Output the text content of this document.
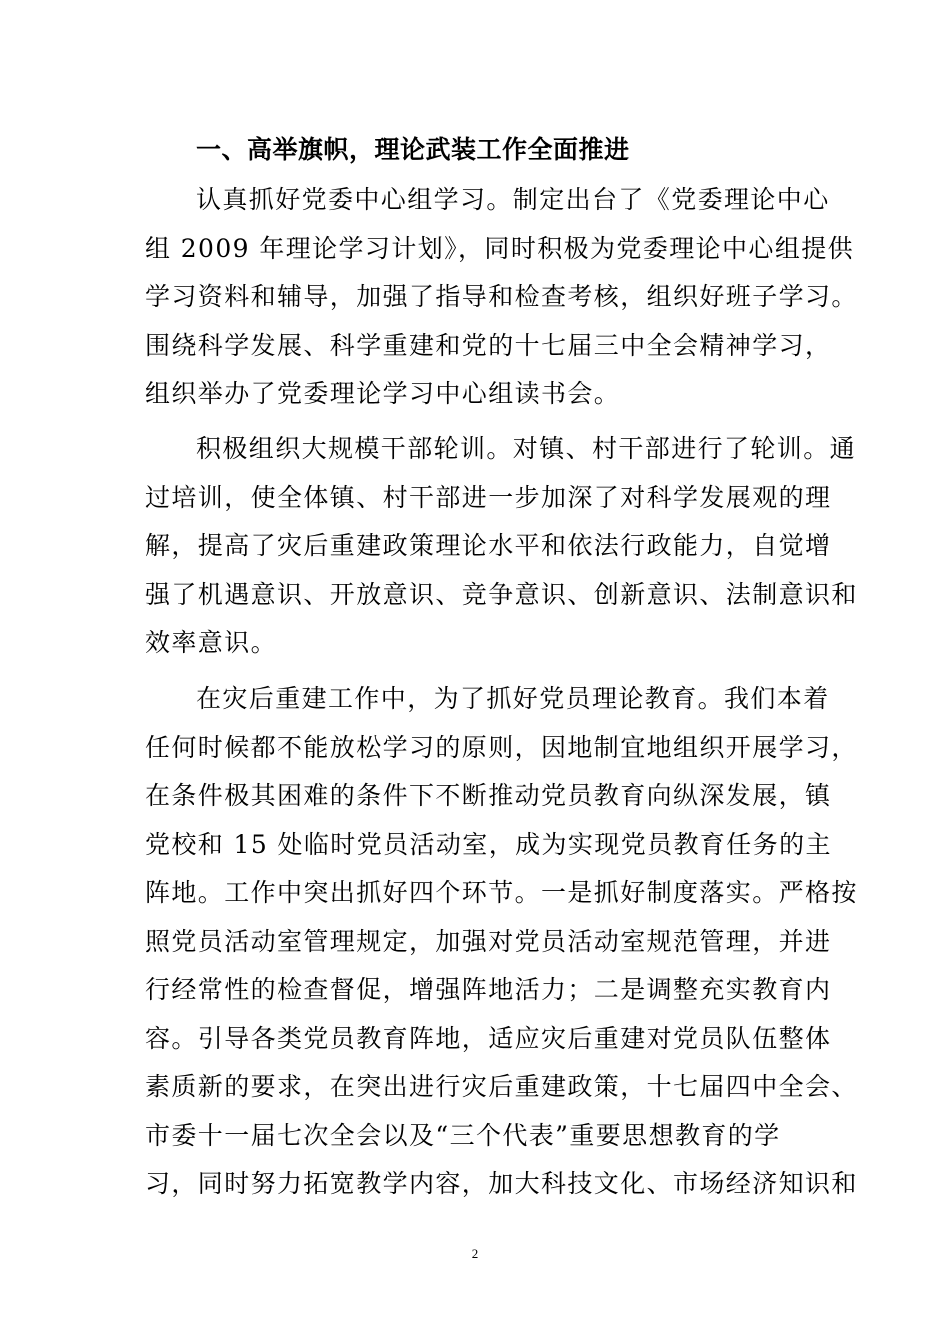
一、高举旗帜，理论武装工作全面推进
认真抓好党委中心组学习。制定出台了《党委理论中心
组 2009 年理论学习计划》，同时积极为党委理论中心组提供
学习资料和辅导，加强了指导和检查考核，组织好班子学习。
围绕科学发展、科学重建和党的十七届三中全会精神学习，
组织举办了党委理论学习中心组读书会。
积极组织大规模干部轮训。对镇、村干部进行了轮训。通
过培训，使全体镇、村干部进一步加深了对科学发展观的理
解，提高了灾后重建政策理论水平和依法行政能力，自觉增
强了机遇意识、开放意识、竞争意识、创新意识、法制意识和
效率意识。
在灾后重建工作中，为了抓好党员理论教育。我们本着
任何时候都不能放松学习的原则，因地制宜地组织开展学习，
在条件极其困难的条件下不断推动党员教育向纵深发展，镇
党校和 15 处临时党员活动室，成为实现党员教育任务的主
阵地。工作中突出抓好四个环节。一是抓好制度落实。严格按
照党员活动室管理规定，加强对党员活动室规范管理，并进
行经常性的检查督促，增强阵地活力；二是调整充实教育内
容。引导各类党员教育阵地，适应灾后重建对党员队伍整体
素质新的要求，在突出进行灾后重建政策，十七届四中全会、
市委十一届七次全会以及“三个代表”重要思想教育的学
习，同时努力拓宽教学内容，加大科技文化、市场经济知识和
2
